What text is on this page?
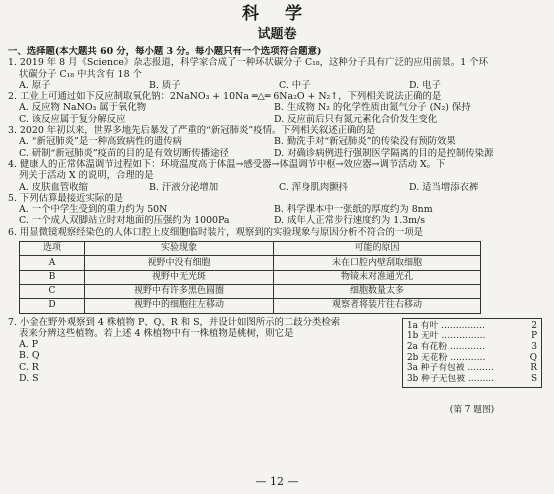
科 学
试题卷
一、选择题(本大题共 60 分，每小题 3 分。每小题只有一个选项符合题意)
1. 2019 年 8 月《Science》杂志报道，科学家合成了一种环状碳分子 C₁₈，这种分子具有广泛的应用前景。1 个环
状碳分子 C₁₈ 中共含有 18 个
A. 原子	B. 质子	C. 中子	D. 电子
2. 工业上可通过如下反应制取氧化钠：2NaNO₃ + 10Na ═△═ 6Na₂O + N₂↑，下列相关说法正确的是
A. 反应物 NaNO₃ 属于氧化物	B. 生成物 N₂ 的化学性质由氮气分子 (N₂) 保持
C. 该反应属于复分解反应	D. 反应前后只有氮元素化合价发生变化
3. 2020 年初以来，世界多地先后暴发了严重的“新冠肺炎”疫情。下列相关叙述正确的是
A. “新冠肺炎”是一种高致病性的遗传病	B. 勤洗手对“新冠肺炎”的传染没有预防效果
C. 研制“新冠肺炎”疫苗的目的是有效切断传播途径	D. 对确诊病例进行强制医学隔离的目的是控制传染源
4. 健康人的正常体温调节过程如下：环境温度高于体温→感受器→体温调节中枢→效应器→调节活动 X。下
列关于活动 X 的说明，合理的是
A. 皮肤血管收缩	B. 汗液分泌增加	C. 浑身肌肉颤抖	D. 适当增添衣裤
5. 下列估算最接近实际的是
A. 一个中学生受到的重力约为 50N	B. 科学课本中一张纸的厚度约为 8nm
C. 一个成人双脚站立时对地面的压强约为 1000Pa	D. 成年人正常步行速度约为 1.3m/s
6. 用显微镜观察经染色的人体口腔上皮细胞临时装片，观察到的实验现象与原因分析不符合的一项是
选项	实验现象	可能的原因
A	视野中没有细胞	未在口腔内壁刮取细胞
B	视野中无光斑	物镜未对准通光孔
C	视野中有许多黑色圆圈	细胞数量太多
D	视野中的细胞往左移动	观察者将装片往右移动
7. 小金在野外观察到 4 株植物 P、Q、R 和 S，并设计如图所示的二歧分类检索
表来分辨这些植物。若上述 4 株植物中有一株植物是桃树，则它是
A. P
B. Q
C. R
D. S
1a 有叶 ……………	2
1b 无叶 ……………	P
2a 有花粉 …………	3
2b 无花粉 …………	Q
3a 种子有包被 ………	R
3b 种子无包被 ………	S
(第 7 题图)
— 12 —
